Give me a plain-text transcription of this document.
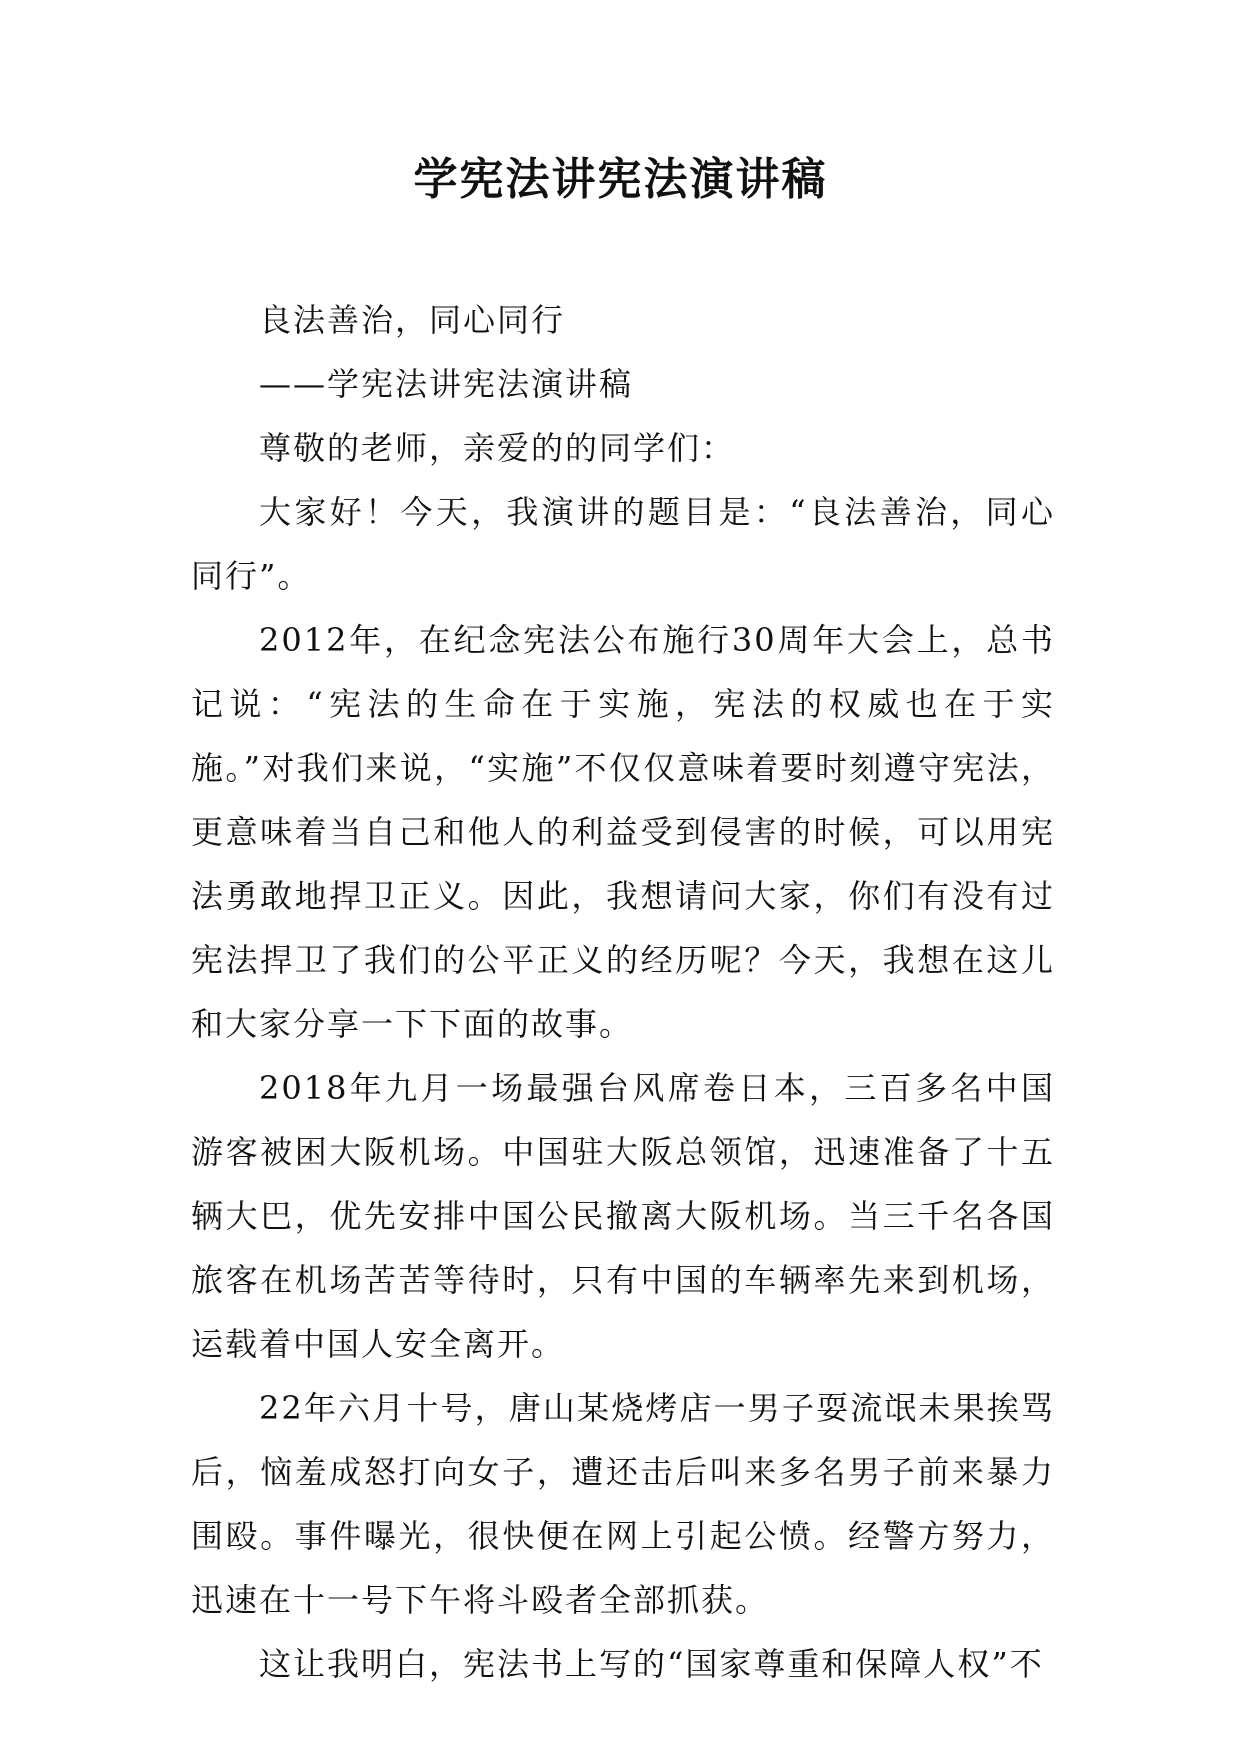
学宪法讲宪法演讲稿

良法善治，同心同行

——学宪法讲宪法演讲稿

尊敬的老师，亲爱的的同学们：

大家好！今天，我演讲的题目是：“良法善治，同心同行”。

2012年，在纪念宪法公布施行30周年大会上，总书记说：“宪法的生命在于实施，宪法的权威也在于实施。”对我们来说，“实施”不仅仅意味着要时刻遵守宪法，更意味着当自己和他人的利益受到侵害的时候，可以用宪法勇敢地捍卫正义。因此，我想请问大家，你们有没有过宪法捍卫了我们的公平正义的经历呢？今天，我想在这儿和大家分享一下下面的故事。

2018年九月一场最强台风席卷日本，三百多名中国游客被困大阪机场。中国驻大阪总领馆，迅速准备了十五辆大巴，优先安排中国公民撤离大阪机场。当三千名各国旅客在机场苦苦等待时，只有中国的车辆率先来到机场，运载着中国人安全离开。

22年六月十号，唐山某烧烤店一男子耍流氓未果挨骂后，恼羞成怒打向女子，遭还击后叫来多名男子前来暴力围殴。事件曝光，很快便在网上引起公愤。经警方努力，迅速在十一号下午将斗殴者全部抓获。

这让我明白，宪法书上写的“国家尊重和保障人权”不
